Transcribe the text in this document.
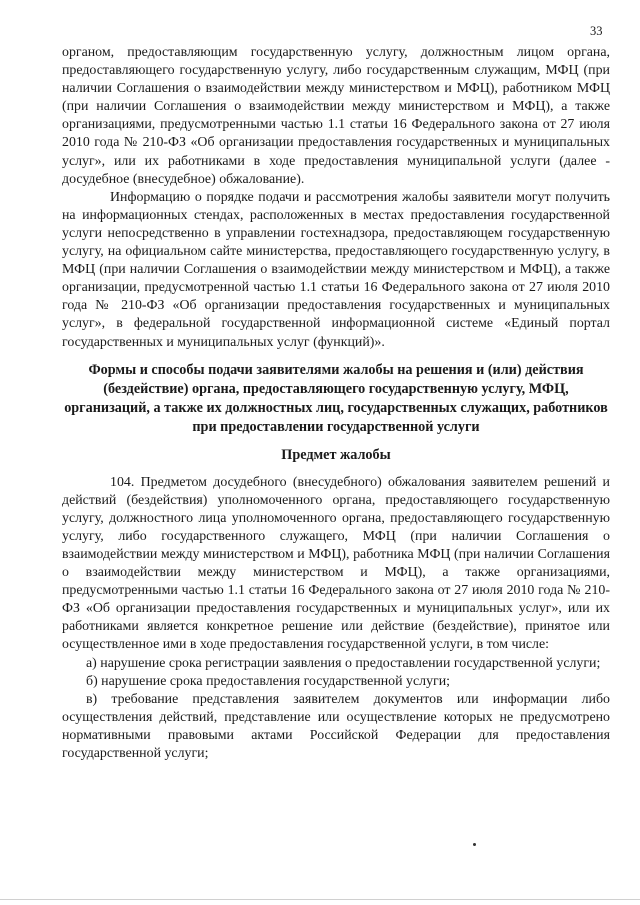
33

органом, предоставляющим государственную услугу, должностным лицом органа, предоставляющего государственную услугу, либо государственным служащим, МФЦ (при наличии Соглашения о взаимодействии между министерством и МФЦ), работником МФЦ (при наличии Соглашения о взаимодействии между министерством и МФЦ), а также организациями, предусмотренными частью 1.1 статьи 16 Федерального закона от 27 июля 2010 года № 210-ФЗ «Об организации предоставления государственных и муниципальных услуг», или их работниками в ходе предоставления муниципальной услуги (далее - досудебное (внесудебное) обжалование).

Информацию о порядке подачи и рассмотрения жалобы заявители могут получить на информационных стендах, расположенных в местах предоставления государственной услуги непосредственно в управлении гостехнадзора, предоставляющем государственную услугу, на официальном сайте министерства, предоставляющего государственную услугу, в МФЦ (при наличии Соглашения о взаимодействии между министерством и МФЦ), а также организации, предусмотренной частью 1.1 статьи 16 Федерального закона от 27 июля 2010 года № 210-ФЗ «Об организации предоставления государственных и муниципальных услуг», в федеральной государственной информационной системе «Единый портал государственных и муниципальных услуг (функций)».

Формы и способы подачи заявителями жалобы на решения и (или) действия (бездействие) органа, предоставляющего государственную услугу, МФЦ, организаций, а также их должностных лиц, государственных служащих, работников при предоставлении государственной услуги

Предмет жалобы

104. Предметом досудебного (внесудебного) обжалования заявителем решений и действий (бездействия) уполномоченного органа, предоставляющего государственную услугу, должностного лица уполномоченного органа, предоставляющего государственную услугу, либо государственного служащего, МФЦ (при наличии Соглашения о взаимодействии между министерством и МФЦ), работника МФЦ (при наличии Соглашения о взаимодействии между министерством и МФЦ), а также организациями, предусмотренными частью 1.1 статьи 16 Федерального закона от 27 июля 2010 года № 210-ФЗ «Об организации предоставления государственных и муниципальных услуг», или их работниками является конкретное решение или действие (бездействие), принятое или осуществленное ими в ходе предоставления государственной услуги, в том числе:

а) нарушение срока регистрации заявления о предоставлении государственной услуги;

б) нарушение срока предоставления государственной услуги;

в) требование представления заявителем документов или информации либо осуществления действий, представление или осуществление которых не предусмотрено нормативными правовыми актами Российской Федерации для предоставления государственной услуги;
